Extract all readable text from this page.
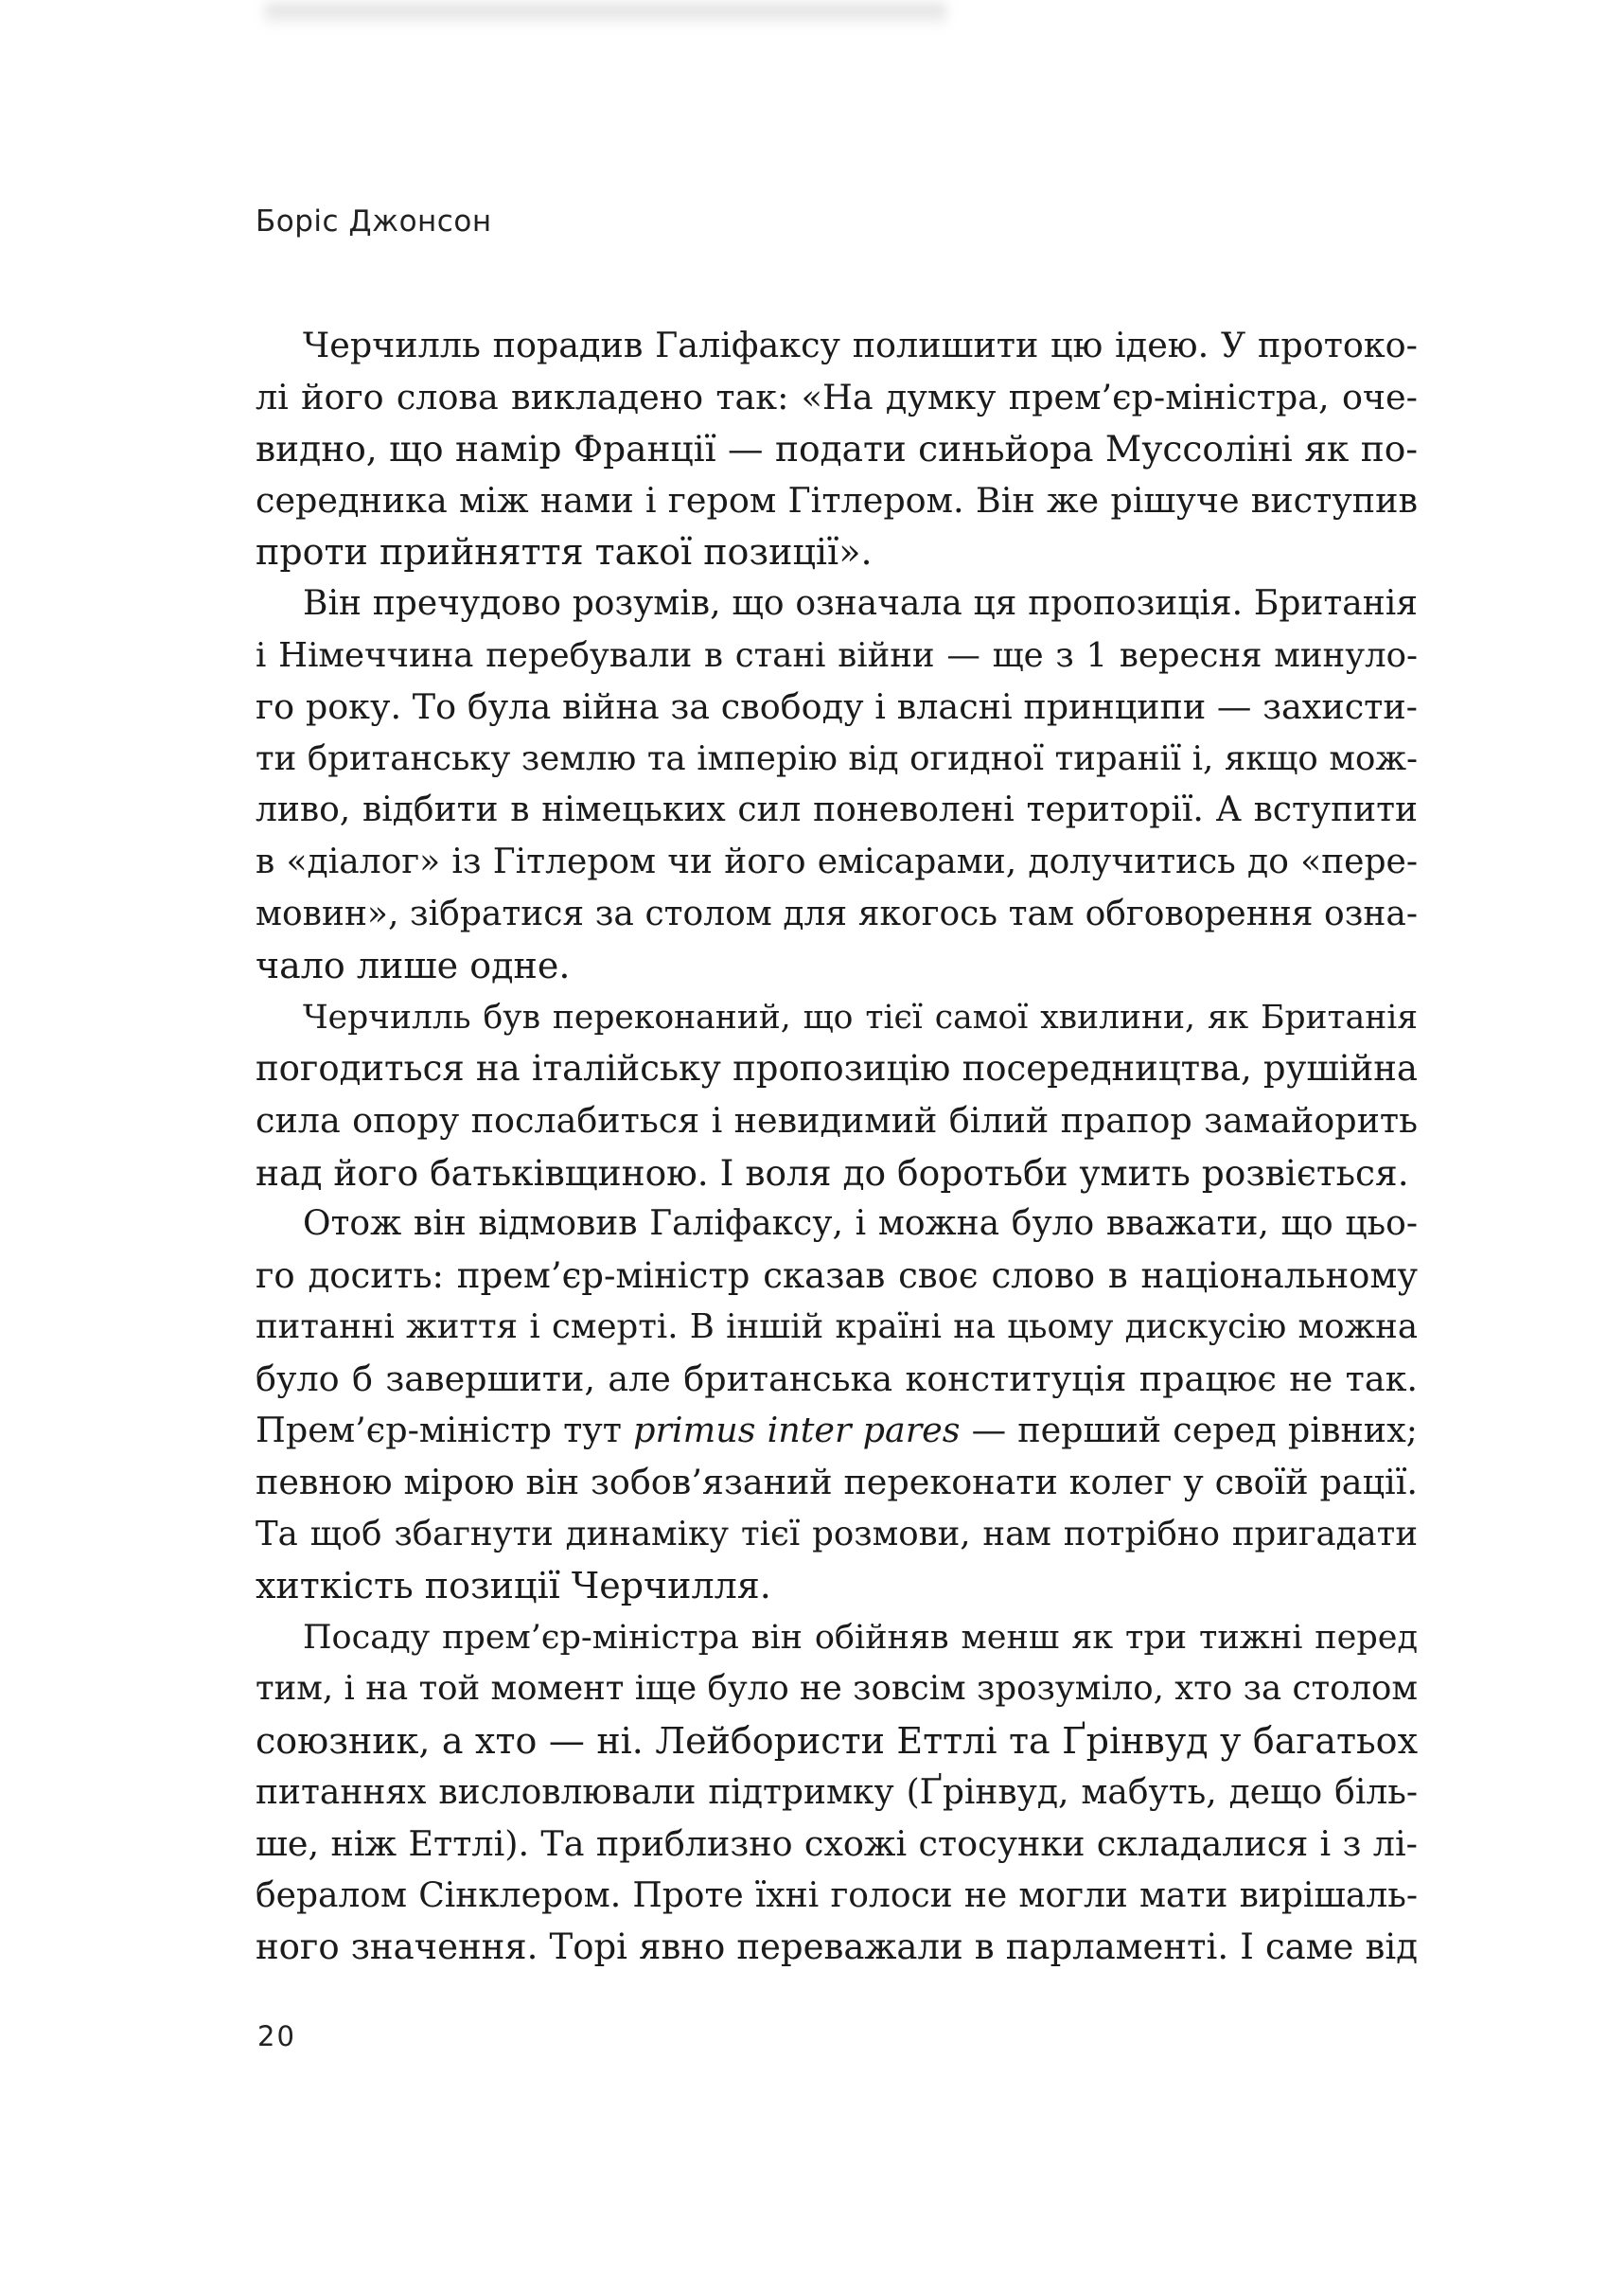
Боріс Джонсон
Черчилль порадив Галіфаксу полишити цю ідею. У протоко-
лі його слова викладено так: «На думку прем’єр-міністра, оче-
видно, що намір Франції — подати синьйора Муссоліні як по-
середника між нами і гером Гітлером. Він же рішуче виступив
проти прийняття такої позиції».
Він пречудово розумів, що означала ця пропозиція. Британія
і Німеччина перебували в стані війни — ще з 1 вересня минуло-
го року. То була війна за свободу і власні принципи — захисти-
ти британську землю та імперію від огидної тиранії і, якщо мож-
ливо, відбити в німецьких сил поневолені території. А вступити
в «діалог» із Гітлером чи його емісарами, долучитись до «пере-
мовин», зібратися за столом для якогось там обговорення озна-
чало лише одне.
Черчилль був переконаний, що тієї самої хвилини, як Британія
погодиться на італійську пропозицію посередництва, рушійна
сила опору послабиться і невидимий білий прапор замайорить
над його батьківщиною. І воля до боротьби умить розвіється.
Отож він відмовив Галіфаксу, і можна було вважати, що цьо-
го досить: прем’єр-міністр сказав своє слово в національному
питанні життя і смерті. В іншій країні на цьому дискусію можна
було б завершити, але британська конституція працює не так.
Прем’єр-міністр тут primus inter pares — перший серед рівних;
певною мірою він зобов’язаний переконати колег у своїй рації.
Та щоб збагнути динаміку тієї розмови, нам потрібно пригадати
хиткість позиції Черчилля.
Посаду прем’єр-міністра він обійняв менш як три тижні перед
тим, і на той момент іще було не зовсім зрозуміло, хто за столом
союзник, а хто — ні. Лейбористи Еттлі та Ґрінвуд у багатьох
питаннях висловлювали підтримку (Ґрінвуд, мабуть, дещо біль-
ше, ніж Еттлі). Та приблизно схожі стосунки складалися і з лі-
бералом Сінклером. Проте їхні голоси не могли мати вирішаль-
ного значення. Торі явно переважали в парламенті. І саме від
20
